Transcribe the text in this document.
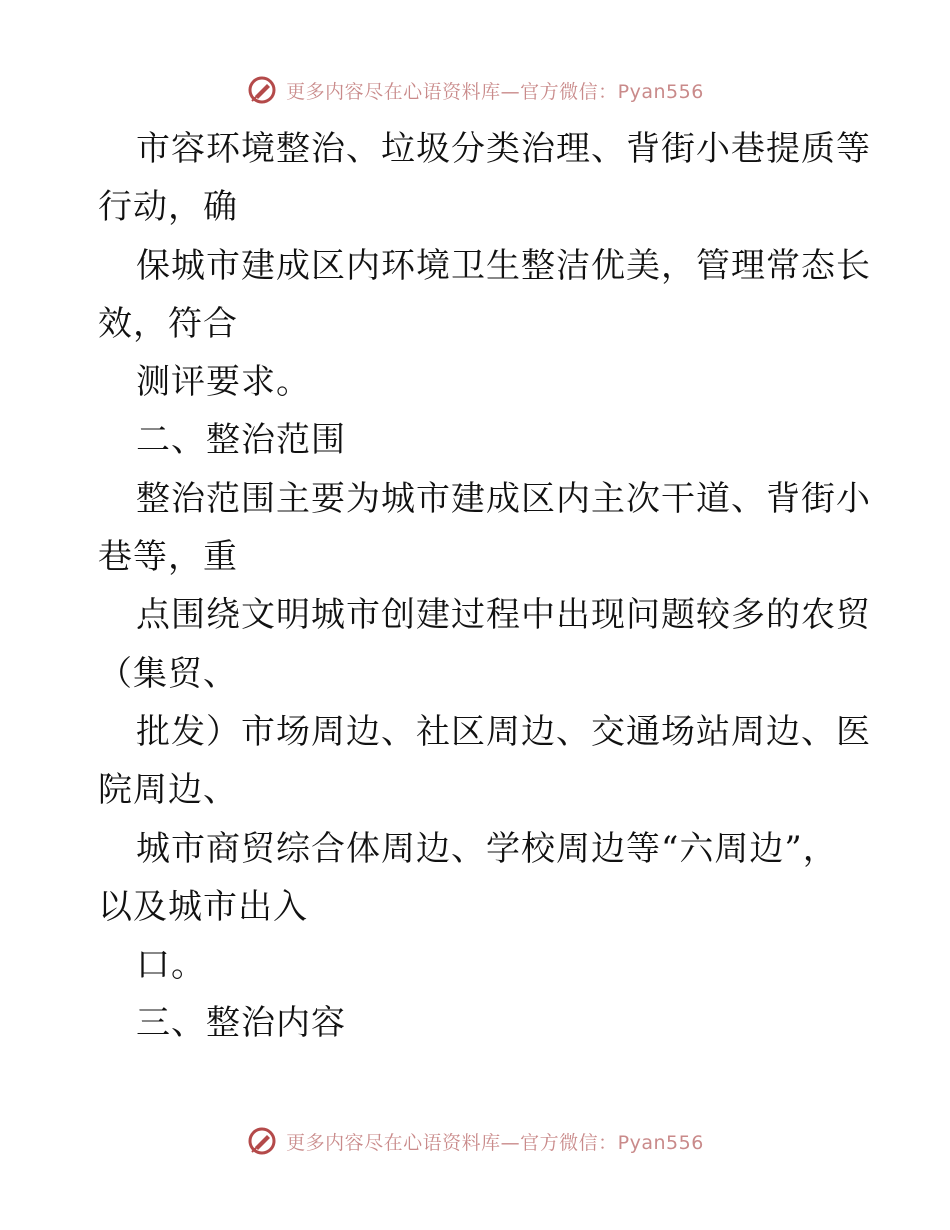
更多内容尽在心语资料库—官方微信：Pyan556
市容环境整治、垃圾分类治理、背街小巷提质等
行动，确
保城市建成区内环境卫生整洁优美，管理常态长
效，符合
测评要求。
二、整治范围
整治范围主要为城市建成区内主次干道、背街小
巷等，重
点围绕文明城市创建过程中出现问题较多的农贸
（集贸、
批发）市场周边、社区周边、交通场站周边、医
院周边、
城市商贸综合体周边、学校周边等“六周边”，
以及城市出入
口。
三、整治内容
更多内容尽在心语资料库—官方微信：Pyan556
